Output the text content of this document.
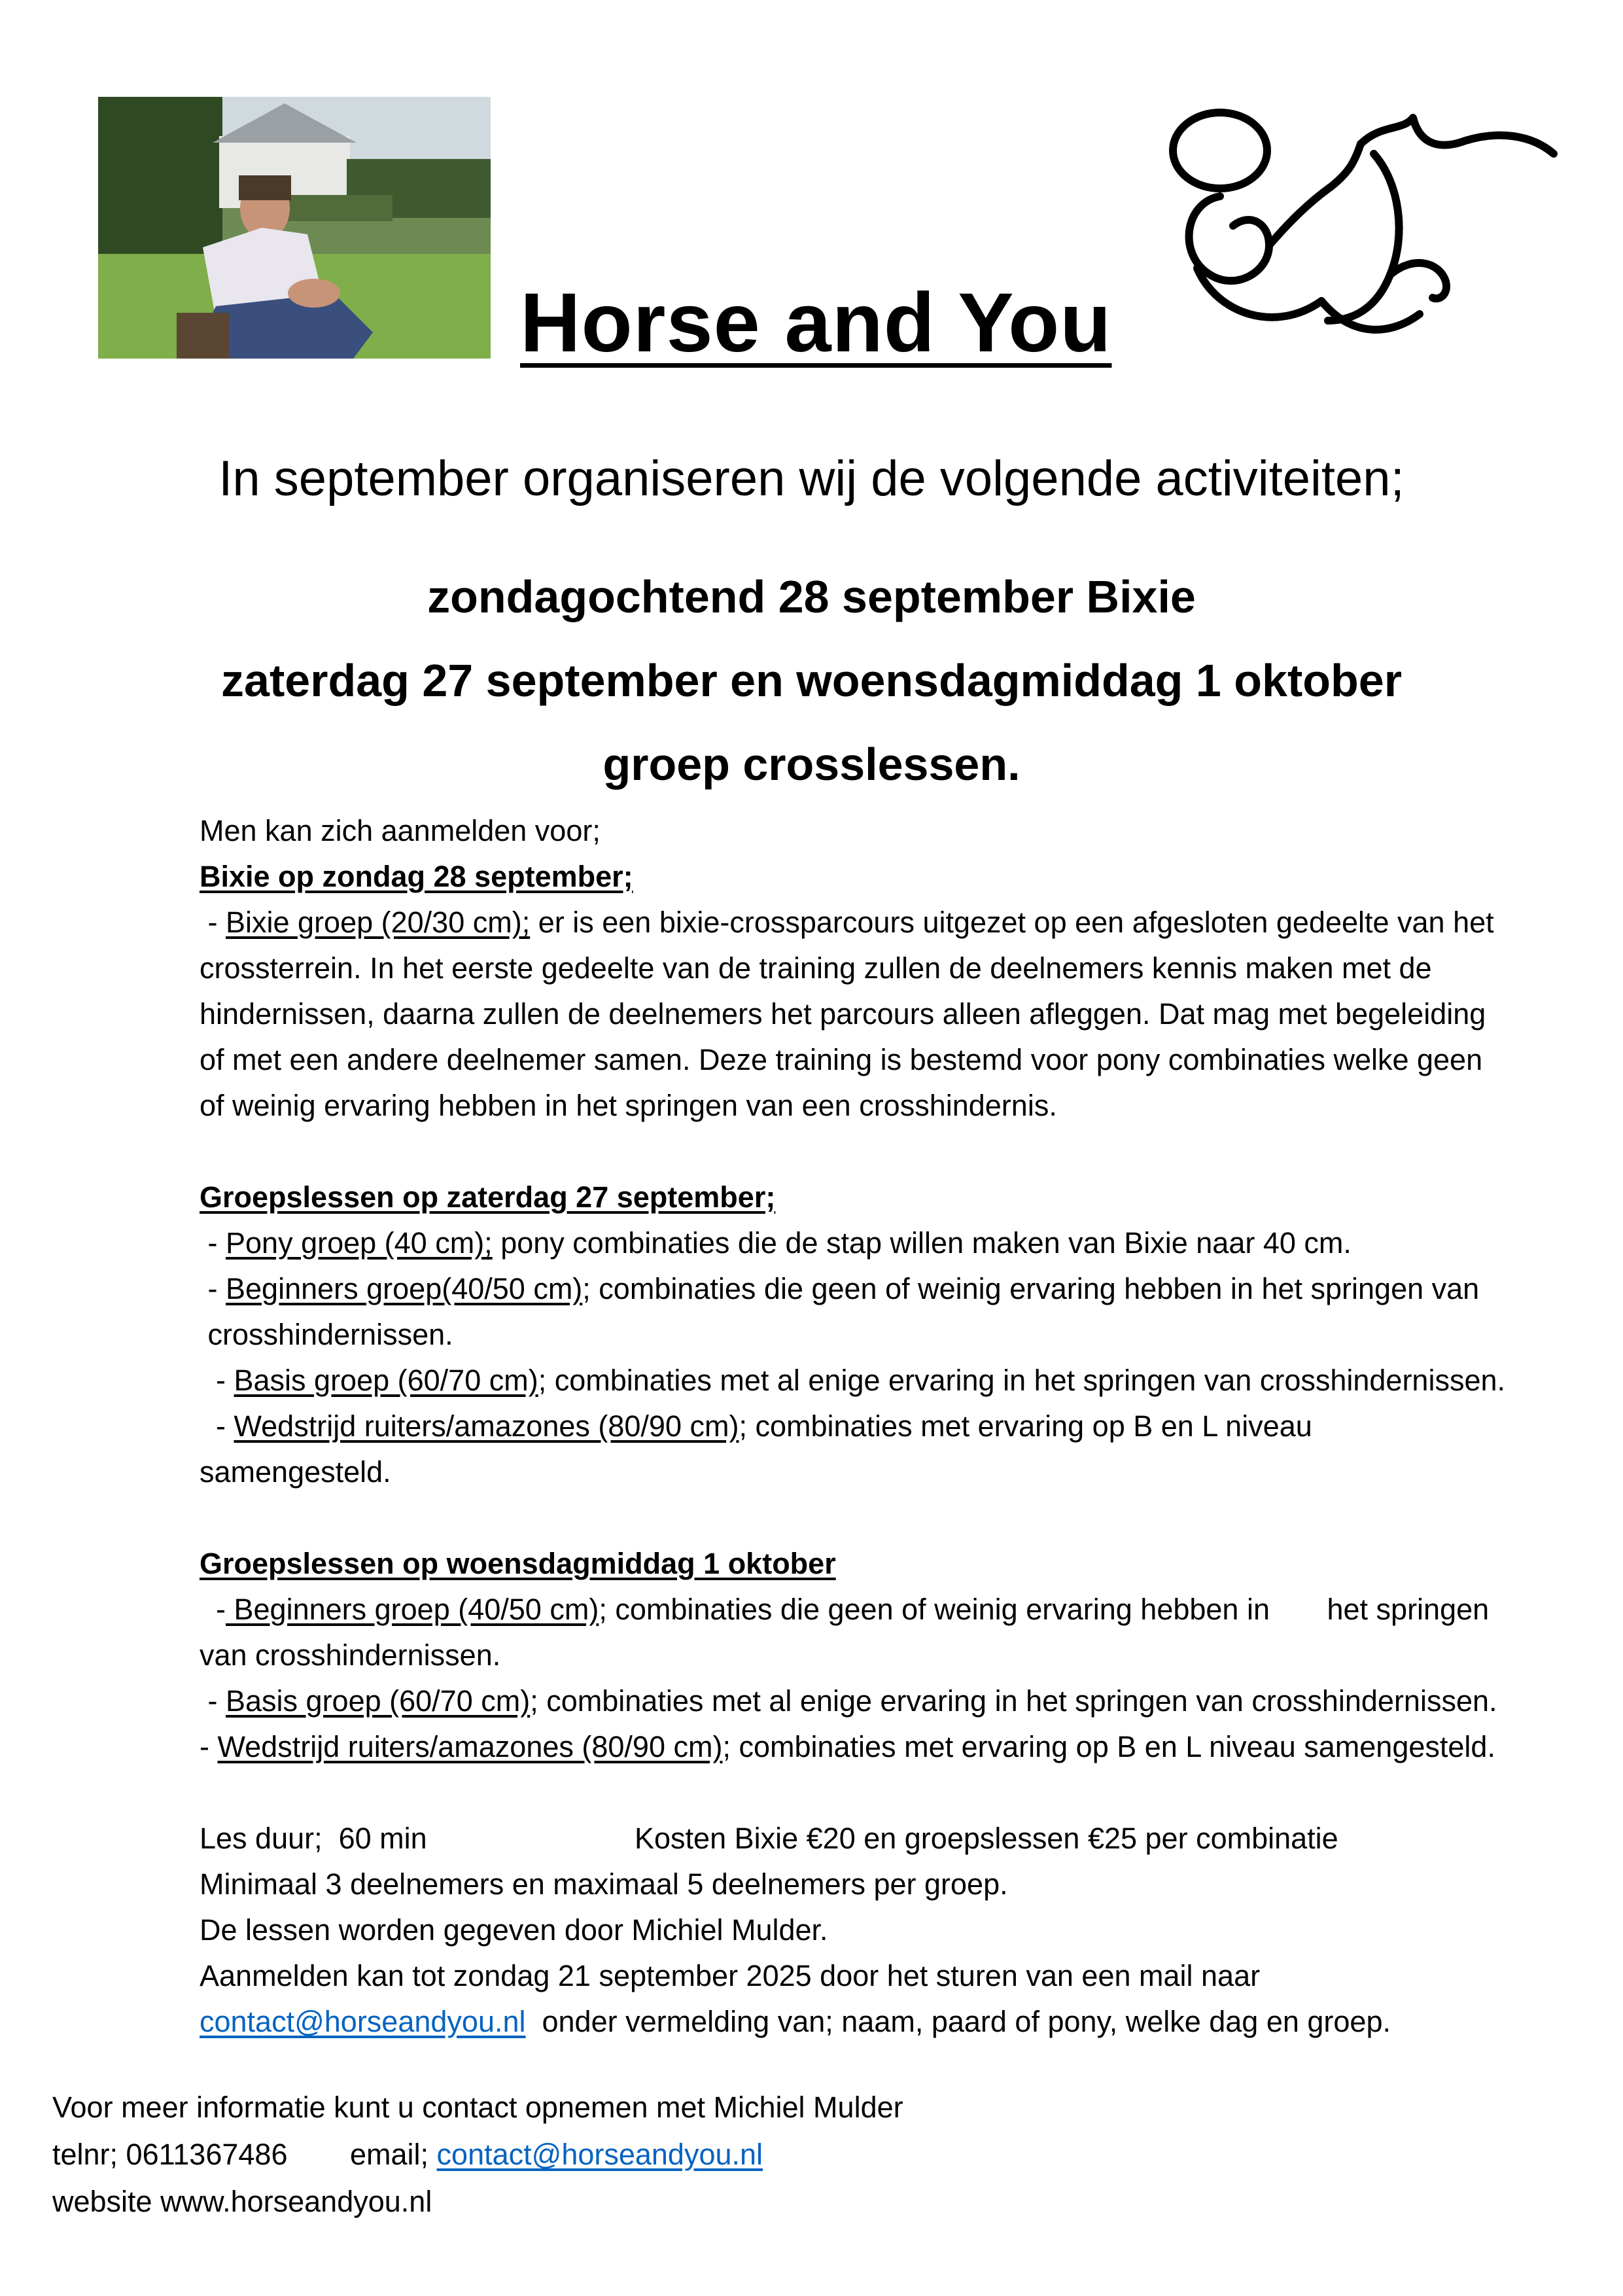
Horse and You
In september organiseren wij de volgende activiteiten;
zondagochtend 28 september Bixie
zaterdag 27 september en woensdagmiddag 1 oktober
groep crosslessen.
Men kan zich aanmelden voor;
Bixie op zondag 28 september;
- Bixie groep (20/30 cm); er is een bixie-crossparcours uitgezet op een afgesloten gedeelte van het
crossterrein. In het eerste gedeelte van de training zullen de deelnemers kennis maken met de
hindernissen, daarna zullen de deelnemers het parcours alleen afleggen. Dat mag met begeleiding
of met een andere deelnemer samen. Deze training is bestemd voor pony combinaties welke geen
of weinig ervaring hebben in het springen van een crosshindernis.
Groepslessen op zaterdag 27 september;
- Pony groep (40 cm); pony combinaties die de stap willen maken van Bixie naar 40 cm.
- Beginners groep(40/50 cm); combinaties die geen of weinig ervaring hebben in het springen van
crosshindernissen.
- Basis groep (60/70 cm); combinaties met al enige ervaring in het springen van crosshindernissen.
- Wedstrijd ruiters/amazones (80/90 cm); combinaties met ervaring op B en L niveau
samengesteld.
Groepslessen op woensdagmiddag 1 oktober
- Beginners groep (40/50 cm); combinaties die geen of weinig ervaring hebben in       het springen
van crosshindernissen.
- Basis groep (60/70 cm); combinaties met al enige ervaring in het springen van crosshindernissen.
- Wedstrijd ruiters/amazones (80/90 cm); combinaties met ervaring op B en L niveau samengesteld.
Les duur;  60 min	Kosten Bixie €20 en groepslessen €25 per combinatie
Minimaal 3 deelnemers en maximaal 5 deelnemers per groep.
De lessen worden gegeven door Michiel Mulder.
Aanmelden kan tot zondag 21 september 2025 door het sturen van een mail naar
contact@horseandyou.nl  onder vermelding van; naam, paard of pony, welke dag en groep.
Voor meer informatie kunt u contact opnemen met Michiel Mulder
telnr; 0611367486 email; contact@horseandyou.nl
website www.horseandyou.nl
